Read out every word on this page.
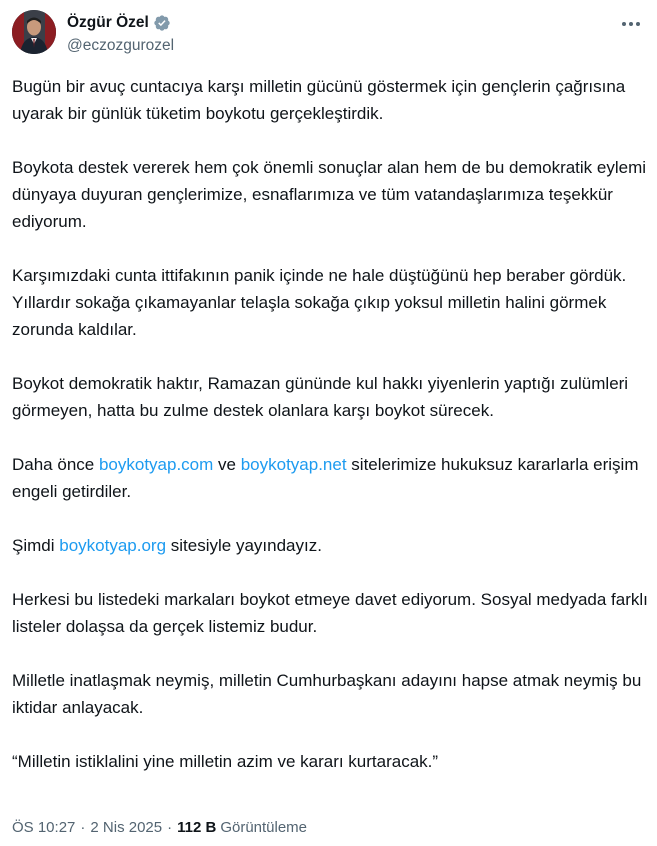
Özgür Özel
@eczozgurozel

Bugün bir avuç cuntacıya karşı milletin gücünü göstermek için gençlerin çağrısına uyarak bir günlük tüketim boykotu gerçekleştirdik.

Boykota destek vererek hem çok önemli sonuçlar alan hem de bu demokratik eylemi dünyaya duyuran gençlerimize, esnaflarımıza ve tüm vatandaşlarımıza teşekkür ediyorum.

Karşımızdaki cunta ittifakının panik içinde ne hale düştüğünü hep beraber gördük. Yıllardır sokağa çıkamayanlar telaşla sokağa çıkıp yoksul milletin halini görmek zorunda kaldılar.

Boykot demokratik haktır, Ramazan gününde kul hakkı yiyenlerin yaptığı zulümleri görmeyen, hatta bu zulme destek olanlara karşı boykot sürecek.

Daha önce boykotyap.com ve boykotyap.net sitelerimize hukuksuz kararlarla erişim engeli getirdiler.

Şimdi boykotyap.org sitesiyle yayındayız.

Herkesi bu listedeki markaları boykot etmeye davet ediyorum. Sosyal medyada farklı listeler dolaşsa da gerçek listemiz budur.

Milletle inatlaşmak neymiş, milletin Cumhurbaşkanı adayını hapse atmak neymiş bu iktidar anlayacak.

“Milletin istiklalini yine milletin azim ve kararı kurtaracak.”

ÖS 10:27 · 2 Nis 2025 · 112 B Görüntüleme
